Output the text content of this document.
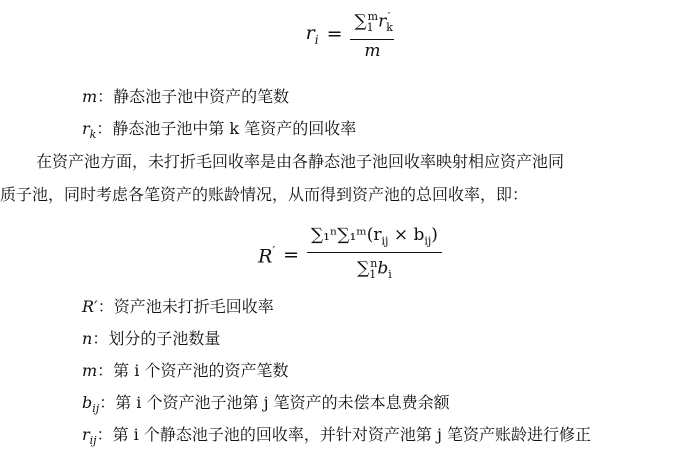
$r_i = \frac{\sum_1^mr_k'}{m}$
m：静态池子池中资产的笔数
$r_k$：静态池子池中第 k 笔资产的回收率
在资产池方面，未打折毛回收率是由各静态池子池回收率映射相应资产池同
质子池，同时考虑各笔资产的账龄情况，从而得到资产池的总回收率，即：
$R' = \frac{\sum_1^n\sum_1ᵐ(r_{ij} \times b_{ij})}{\sum_1^nb_i}$
R′：资产池未打折毛回收率
n：划分的子池数量
m：第 i 个资产池的资产笔数
$b_{ij}$：第 i 个资产池子池第 j 笔资产的未偿本息费余额
$r_{ij}$：第 i 个静态池子池的回收率，并针对资产池第 j 笔资产账龄进行修正
